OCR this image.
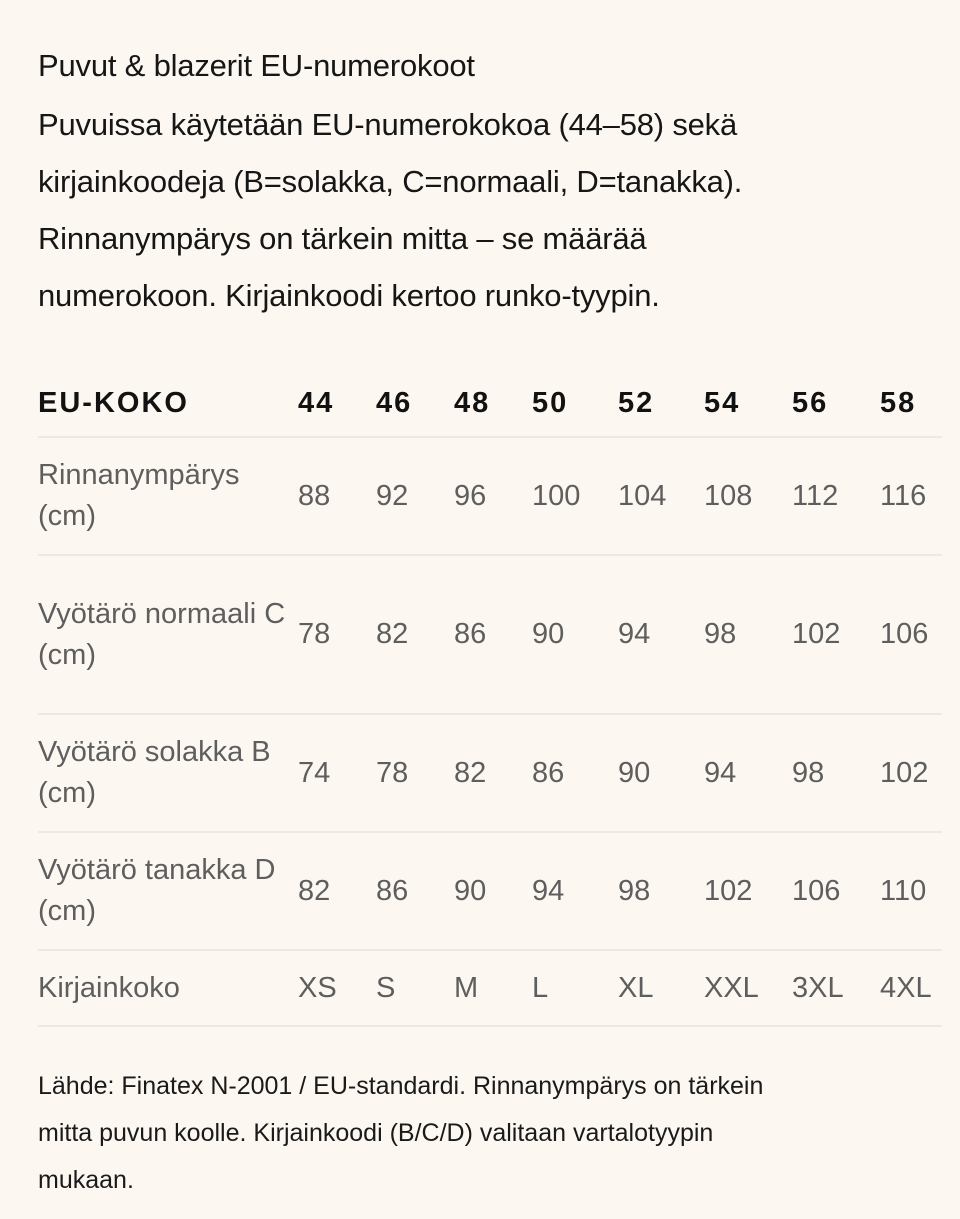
Puvut & blazerit EU-numerokoot
Puvuissa käytetään EU-numerokokoa (44–58) sekä
kirjainkoodeja (B=solakka, C=normaali, D=tanakka).
Rinnanympärys on tärkein mitta – se määrää
numerokoon. Kirjainkoodi kertoo runko-tyypin.
EU-KOKO	44	46	48	50	52	54	56	58
Rinnanympärys (cm)	88	92	96	100	104	108	112	116
Vyötärö normaali C (cm)	78	82	86	90	94	98	102	106
Vyötärö solakka B (cm)	74	78	82	86	90	94	98	102
Vyötärö tanakka D (cm)	82	86	90	94	98	102	106	110
Kirjainkoko	XS	S	M	L	XL	XXL	3XL	4XL
Lähde: Finatex N-2001 / EU-standardi. Rinnanympärys on tärkein
mitta puvun koolle. Kirjainkoodi (B/C/D) valitaan vartalotyypin
mukaan.
